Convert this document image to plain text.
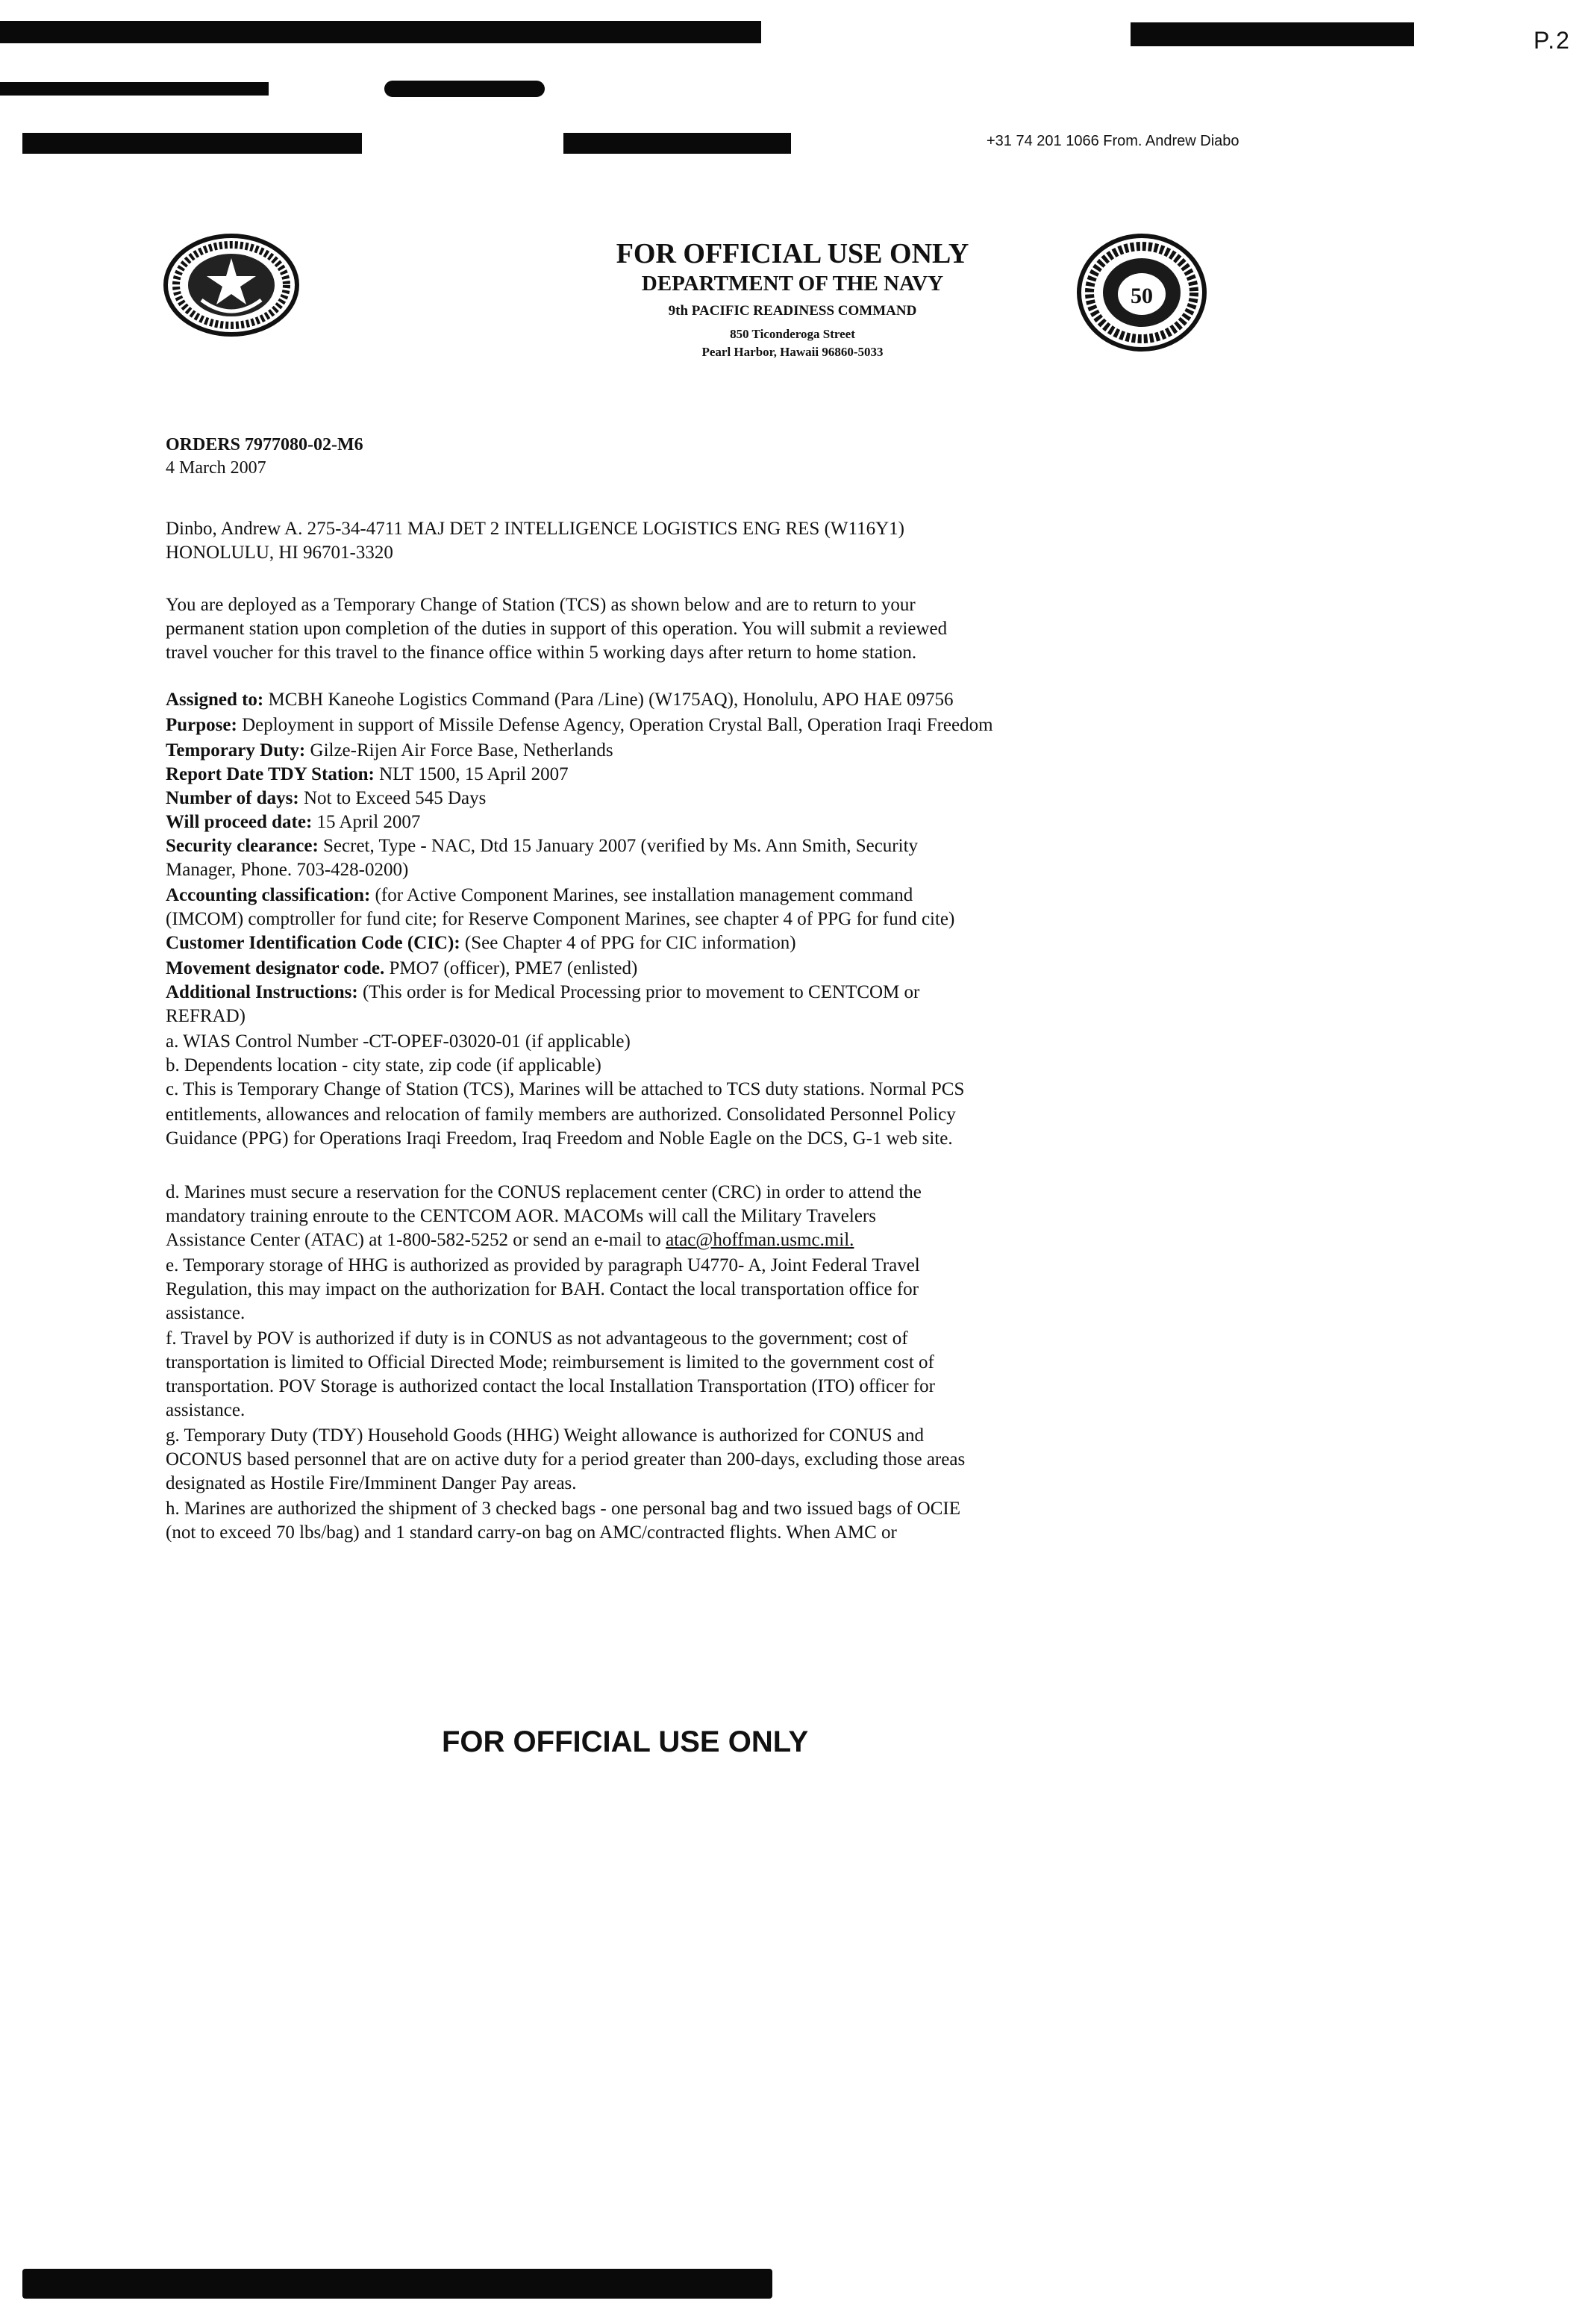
P.2
+31 74 201 1066 From. Andrew Diabo
50
FOR OFFICIAL USE ONLY
DEPARTMENT OF THE NAVY
9th PACIFIC READINESS COMMAND
850 Ticonderoga Street
Pearl Harbor, Hawaii 96860-5033
ORDERS 7977080-02-M6
4 March 2007
Dinbo, Andrew A. 275-34-4711 MAJ DET 2 INTELLIGENCE LOGISTICS ENG RES (W116Y1)
HONOLULU, HI 96701-3320
You are deployed as a Temporary Change of Station (TCS) as shown below and are to return to your
permanent station upon completion of the duties in support of this operation. You will submit a reviewed
travel voucher for this travel to the finance office within 5 working days after return to home station.
Assigned to: MCBH Kaneohe Logistics Command (Para /Line) (W175AQ), Honolulu, APO HAE 09756
Purpose: Deployment in support of Missile Defense Agency, Operation Crystal Ball, Operation Iraqi Freedom
Temporary Duty: Gilze-Rijen Air Force Base, Netherlands
Report Date TDY Station: NLT 1500, 15 April 2007
Number of days: Not to Exceed 545 Days
Will proceed date: 15 April 2007
Security clearance: Secret, Type - NAC, Dtd 15 January 2007 (verified by Ms. Ann Smith, Security
Manager, Phone. 703-428-0200)
Accounting classification: (for Active Component Marines, see installation management command
(IMCOM) comptroller for fund cite; for Reserve Component Marines, see chapter 4 of PPG for fund cite)
Customer Identification Code (CIC): (See Chapter 4 of PPG for CIC information)
Movement designator code. PMO7 (officer), PME7 (enlisted)
Additional Instructions: (This order is for Medical Processing prior to movement to CENTCOM or
REFRAD)
a. WIAS Control Number -CT-OPEF-03020-01 (if applicable)
b. Dependents location - city state, zip code (if applicable)
c. This is Temporary Change of Station (TCS), Marines will be attached to TCS duty stations. Normal PCS
entitlements, allowances and relocation of family members are authorized. Consolidated Personnel Policy
Guidance (PPG) for Operations Iraqi Freedom, Iraq Freedom and Noble Eagle on the DCS, G-1 web site.
d. Marines must secure a reservation for the CONUS replacement center (CRC) in order to attend the
mandatory training enroute to the CENTCOM AOR. MACOMs will call the Military Travelers
Assistance Center (ATAC) at 1-800-582-5252 or send an e-mail to atac@hoffman.usmc.mil.
e. Temporary storage of HHG is authorized as provided by paragraph U4770- A, Joint Federal Travel
Regulation, this may impact on the authorization for BAH. Contact the local transportation office for
assistance.
f. Travel by POV is authorized if duty is in CONUS as not advantageous to the government; cost of
transportation is limited to Official Directed Mode; reimbursement is limited to the government cost of
transportation. POV Storage is authorized contact the local Installation Transportation (ITO) officer for
assistance.
g. Temporary Duty (TDY) Household Goods (HHG) Weight allowance is authorized for CONUS and
OCONUS based personnel that are on active duty for a period greater than 200-days, excluding those areas
designated as Hostile Fire/Imminent Danger Pay areas.
h. Marines are authorized the shipment of 3 checked bags - one personal bag and two issued bags of OCIE
(not to exceed 70 lbs/bag) and 1 standard carry-on bag on AMC/contracted flights. When AMC or
FOR OFFICIAL USE ONLY
